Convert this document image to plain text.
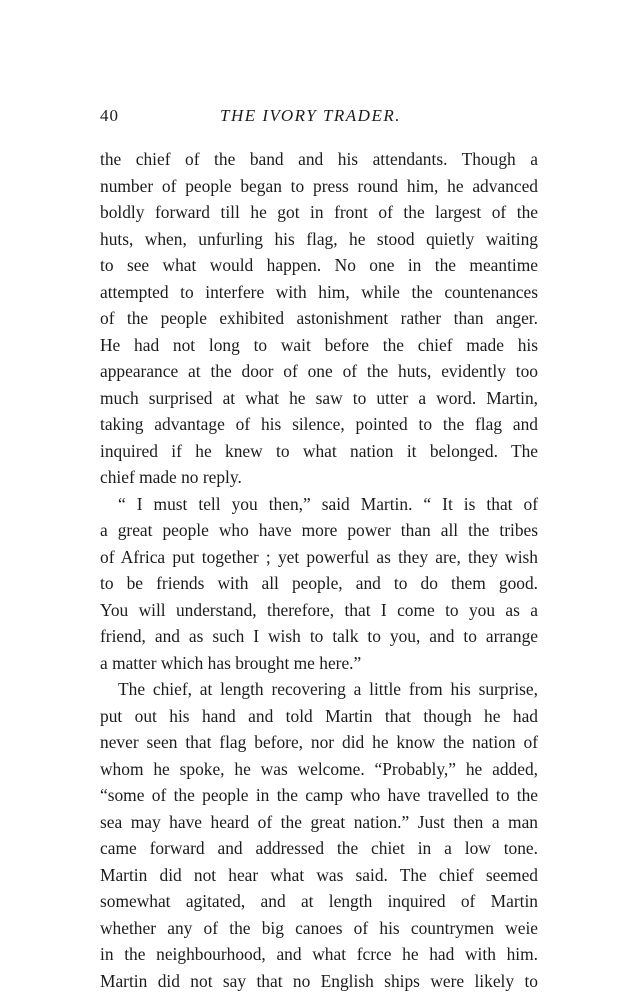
40	THE IVORY TRADER.
the chief of the band and his attendants. Though a
number of people began to press round him, he advanced
boldly forward till he got in front of the largest of the
huts, when, unfurling his flag, he stood quietly waiting
to see what would happen. No one in the meantime
attempted to interfere with him, while the countenances
of the people exhibited astonishment rather than anger.
He had not long to wait before the chief made his
appearance at the door of one of the huts, evidently too
much surprised at what he saw to utter a word. Martin,
taking advantage of his silence, pointed to the flag and
inquired if he knew to what nation it belonged. The
chief made no reply.
“ I must tell you then,” said Martin. “ It is that of
a great people who have more power than all the tribes
of Africa put together ; yet powerful as they are, they wish
to be friends with all people, and to do them good.
You will understand, therefore, that I come to you as a
friend, and as such I wish to talk to you, and to arrange
a matter which has brought me here.”
The chief, at length recovering a little from his surprise,
put out his hand and told Martin that though he had
never seen that flag before, nor did he know the nation of
whom he spoke, he was welcome. “Probably,” he added,
“some of the people in the camp who have travelled to the
sea may have heard of the great nation.” Just then a man
came forward and addressed the chiet in a low tone.
Martin did not hear what was said. The chief seemed
somewhat agitated, and at length inquired of Martin
whether any of the big canoes of his countrymen weie
in the neighbourhood, and what fcrce he had with him.
Martin did not say that no English ships were likely to
